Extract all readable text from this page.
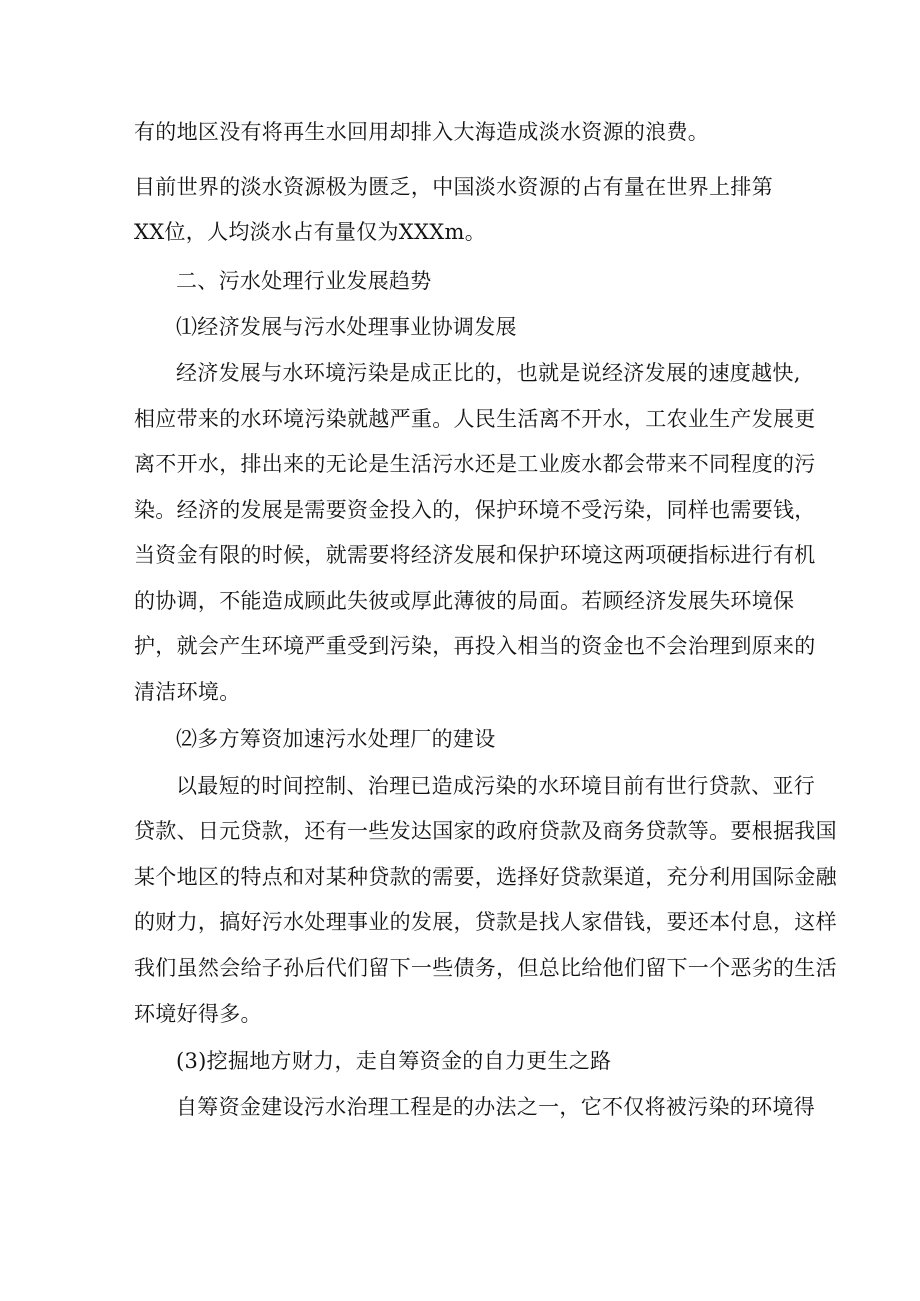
有的地区没有将再生水回用却排入大海造成淡水资源的浪费。
目前世界的淡水资源极为匮乏，中国淡水资源的占有量在世界上排第
XX位，人均淡水占有量仅为XXXm。
二、污水处理行业发展趋势
⑴经济发展与污水处理事业协调发展
经济发展与水环境污染是成正比的，也就是说经济发展的速度越快,
相应带来的水环境污染就越严重。人民生活离不开水，工农业生产发展更
离不开水，排出来的无论是生活污水还是工业废水都会带来不同程度的污
染。经济的发展是需要资金投入的，保护环境不受污染，同样也需要钱，
当资金有限的时候，就需要将经济发展和保护环境这两项硬指标进行有机
的协调，不能造成顾此失彼或厚此薄彼的局面。若顾经济发展失环境保
护，就会产生环境严重受到污染，再投入相当的资金也不会治理到原来的
清洁环境。
⑵多方筹资加速污水处理厂的建设
以最短的时间控制、治理已造成污染的水环境目前有世行贷款、亚行
贷款、日元贷款，还有一些发达国家的政府贷款及商务贷款等。要根据我国
某个地区的特点和对某种贷款的需要，选择好贷款渠道，充分利用国际金融
的财力，搞好污水处理事业的发展，贷款是找人家借钱，要还本付息，这样
我们虽然会给子孙后代们留下一些债务，但总比给他们留下一个恶劣的生活
环境好得多。
(3)挖掘地方财力，走自筹资金的自力更生之路
自筹资金建设污水治理工程是的办法之一，它不仅将被污染的环境得
